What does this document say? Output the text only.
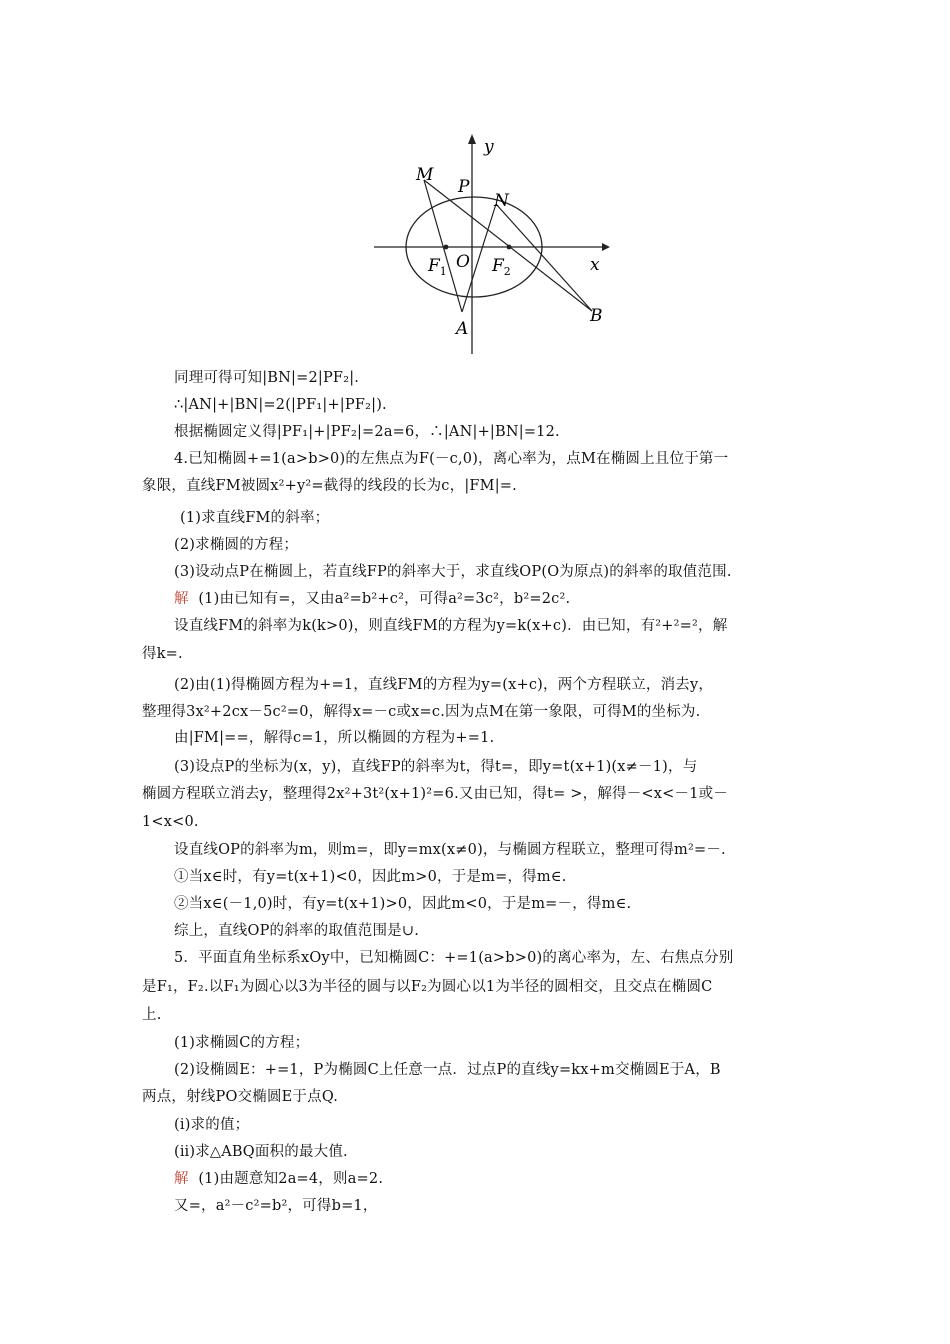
y
x
M
P
N
$F_1$ O $F_2$
A
B
同理可得可知|BN|=2|PF₂|.
∴|AN|+|BN|=2(|PF₁|+|PF₂|).
根据椭圆定义得|PF₁|+|PF₂|=2a=6，∴|AN|+|BN|=12.
4.已知椭圆+=1(a>b>0)的左焦点为F(－c,0)，离心率为，点M在椭圆上且位于第一
象限，直线FM被圆x²+y²=截得的线段的长为c，|FM|=.
(1)求直线FM的斜率；
(2)求椭圆的方程；
(3)设动点P在椭圆上，若直线FP的斜率大于，求直线OP(O为原点)的斜率的取值范围.
解 (1)由已知有=，又由a²=b²+c²，可得a²=3c²，b²=2c².
设直线FM的斜率为k(k>0)，则直线FM的方程为y=k(x+c)．由已知，有²+²=²，解
得k=.
(2)由(1)得椭圆方程为+=1，直线FM的方程为y=(x+c)，两个方程联立，消去y，
整理得3x²+2cx－5c²=0，解得x=－c或x=c.因为点M在第一象限，可得M的坐标为.
由|FM|==，解得c=1，所以椭圆的方程为+=1.
(3)设点P的坐标为(x，y)，直线FP的斜率为t，得t=，即y=t(x+1)(x≠－1)，与
椭圆方程联立消去y，整理得2x²+3t²(x+1)²=6.又由已知，得t= >，解得－<x<－1或－
1<x<0.
设直线OP的斜率为m，则m=，即y=mx(x≠0)，与椭圆方程联立，整理可得m²=－.
①当x∈时，有y=t(x+1)<0，因此m>0，于是m=，得m∈.
②当x∈(－1,0)时，有y=t(x+1)>0，因此m<0，于是m=－，得m∈.
综上，直线OP的斜率的取值范围是∪.
5．平面直角坐标系xOy中，已知椭圆C：+=1(a>b>0)的离心率为，左、右焦点分别
是F₁，F₂.以F₁为圆心以3为半径的圆与以F₂为圆心以1为半径的圆相交，且交点在椭圆C
上.
(1)求椭圆C的方程；
(2)设椭圆E：+=1，P为椭圆C上任意一点．过点P的直线y=kx+m交椭圆E于A，B
两点，射线PO交椭圆E于点Q.
(ⅰ)求的值；
(ⅱ)求△ABQ面积的最大值.
解 (1)由题意知2a=4，则a=2.
又=，a²－c²=b²，可得b=1，
